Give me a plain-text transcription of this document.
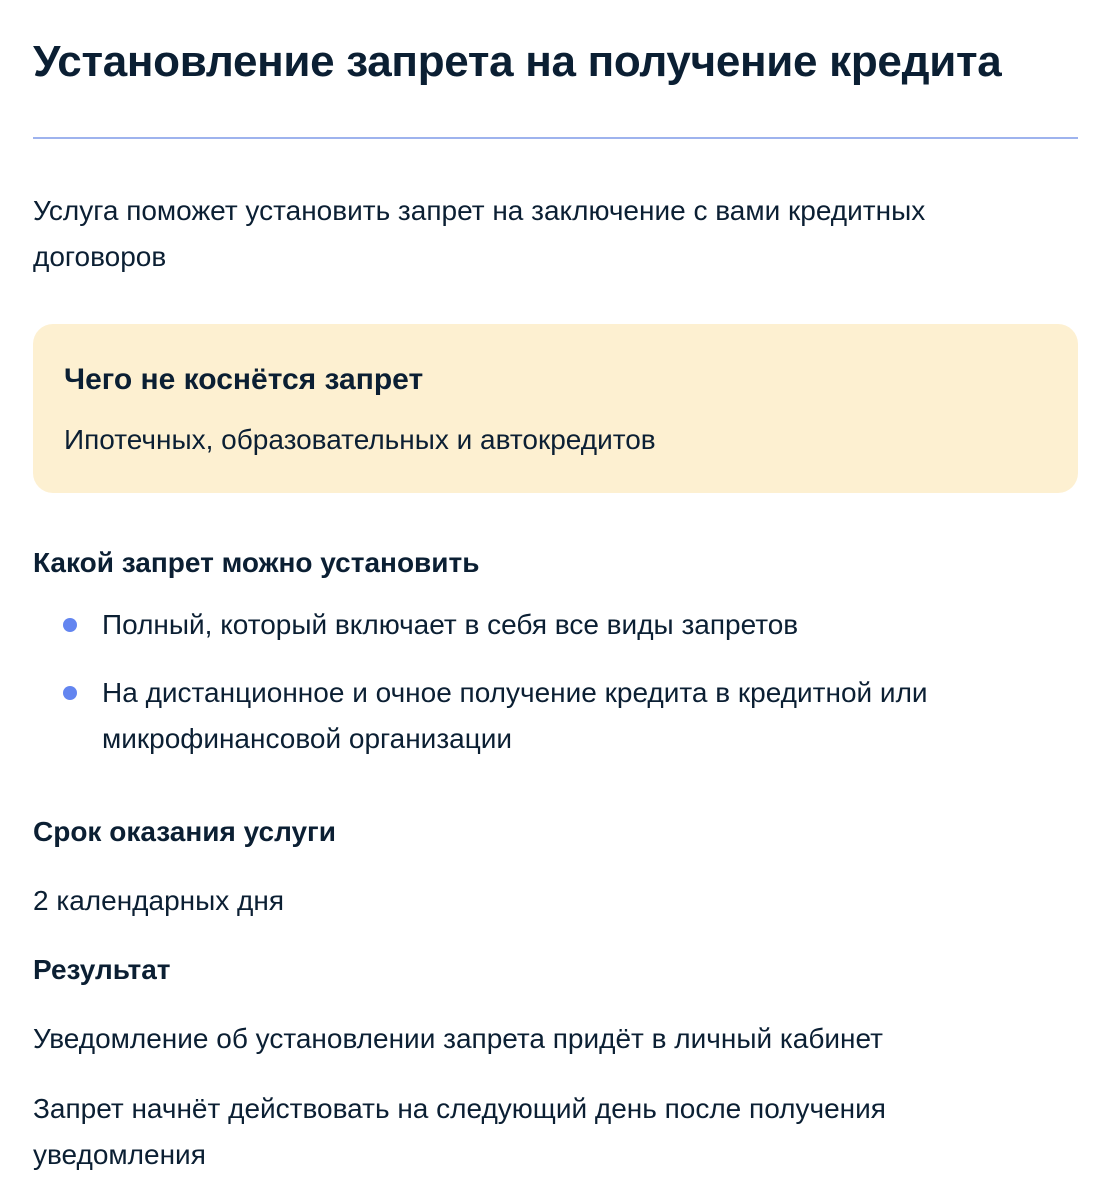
Установление запрета на получение кредита

Услуга поможет установить запрет на заключение с вами кредитных договоров

Чего не коснётся запрет

Ипотечных, образовательных и автокредитов

Какой запрет можно установить
Полный, который включает в себя все виды запретов
На дистанционное и очное получение кредита в кредитной или микрофинансовой организации
Срок оказания услуги

2 календарных дня

Результат

Уведомление об установлении запрета придёт в личный кабинет

Запрет начнёт действовать на следующий день после получения уведомления
